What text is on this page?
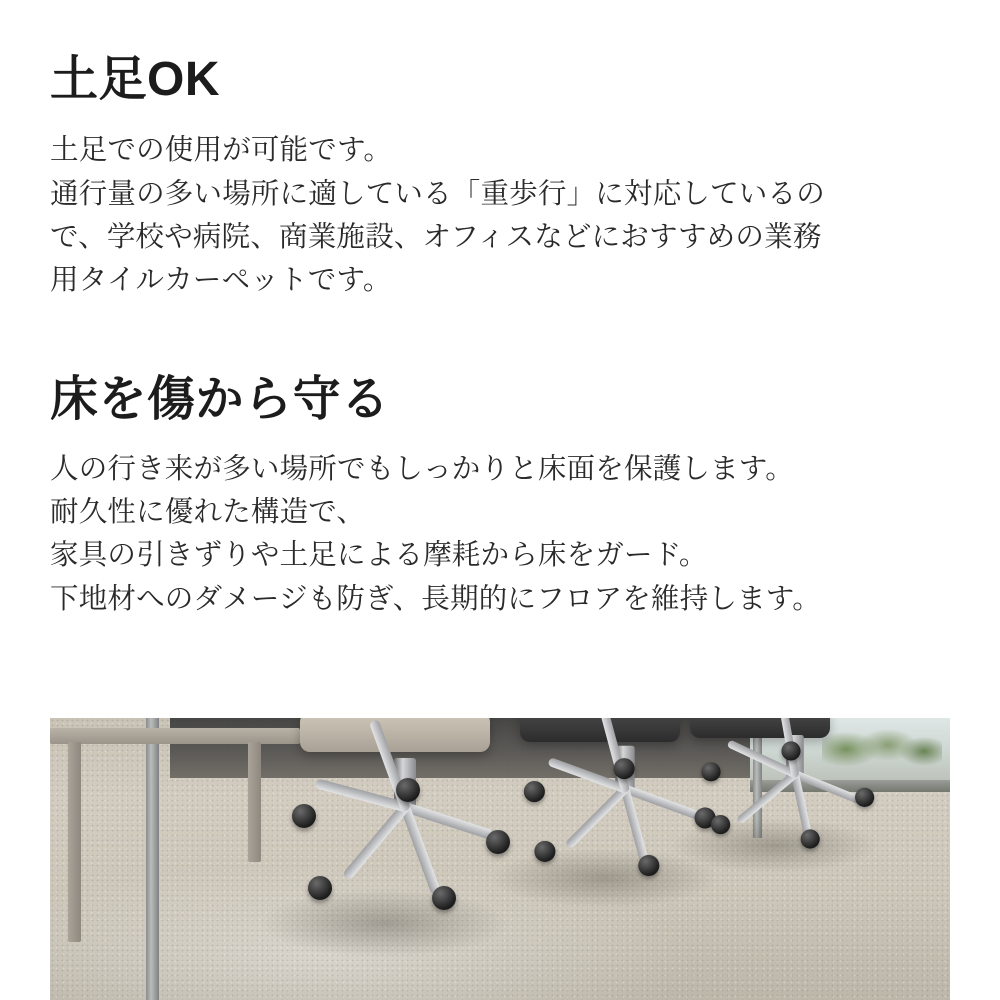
土足OK

土足での使用が可能です。

通行量の多い場所に適している「重歩行」に対応しているの

で、学校や病院、商業施設、オフィスなどにおすすめの業務

用タイルカーペットです。

床を傷から守る

人の行き来が多い場所でもしっかりと床面を保護します。

耐久性に優れた構造で、

家具の引きずりや土足による摩耗から床をガード。

下地材へのダメージも防ぎ、長期的にフロアを維持します。
